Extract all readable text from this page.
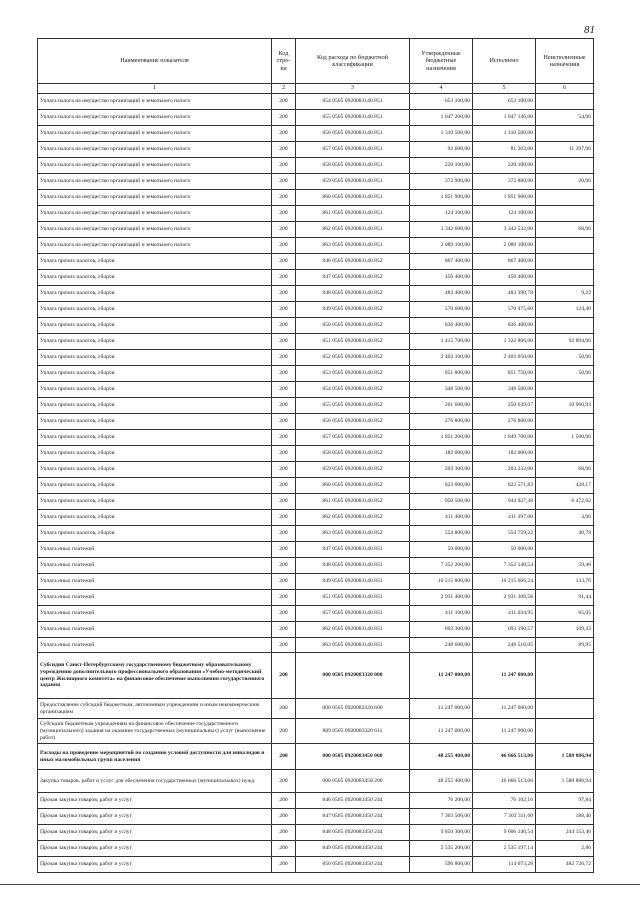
81
Наименование показателя	Код стро-ки	Код расхода по бюджетной классификации	Утвержденные бюджетные назначения	Исполнено	Неисполненные назначения
1	2	3	4	5	6
Уплата налога на имущество организаций и земельного налога	200	854 0505 0920083140 851	653 100,00	653 100,00	
Уплата налога на имущество организаций и земельного налога	200	855 0505 0920083140 851	1 047 200,00	1 047 146,00	54,00
Уплата налога на имущество организаций и земельного налога	200	856 0505 0920083140 851	1 310 500,00	1 310 500,00	
Уплата налога на имущество организаций и земельного налога	200	857 0505 0920083140 851	92 600,00	81 203,00	11 397,00
Уплата налога на имущество организаций и земельного налога	200	858 0505 0920083140 851	220 100,00	220 100,00	
Уплата налога на имущество организаций и земельного налога	200	859 0505 0920083140 851	372 900,00	372 880,00	20,00
Уплата налога на имущество организаций и земельного налога	200	860 0505 0920083140 851	1 851 900,00	1 851 900,00	
Уплата налога на имущество организаций и земельного налога	200	861 0505 0920083140 851	124 100,00	124 100,00	
Уплата налога на имущество организаций и земельного налога	200	862 0505 0920083140 851	3 342 600,00	3 342 532,00	68,00
Уплата налога на имущество организаций и земельного налога	200	863 0505 0920083140 851	2 089 100,00	2 089 100,00	
Уплата прочих налогов, сборов	200	846 0505 0920083140 852	867 400,00	867 400,00	
Уплата прочих налогов, сборов	200	847 0505 0920083140 852	456 400,00	456 400,00	
Уплата прочих налогов, сборов	200	848 0505 0920083140 852	483 400,00	483 390,78	9,22
Уплата прочих налогов, сборов	200	849 0505 0920083140 852	570 600,00	570 475,60	124,40
Уплата прочих налогов, сборов	200	850 0505 0920083140 852	836 400,00	836 400,00	
Уплата прочих налогов, сборов	200	851 0505 0920083140 852	1 415 700,00	1 322 806,00	92 894,00
Уплата прочих налогов, сборов	200	852 0505 0920083140 852	2 403 100,00	2 403 050,00	50,00
Уплата прочих налогов, сборов	200	853 0505 0920083140 852	851 800,00	851 750,00	50,00
Уплата прочих налогов, сборов	200	854 0505 0920083140 852	348 500,00	348 500,00	
Уплата прочих налогов, сборов	200	855 0505 0920083140 852	261 600,00	250 639,07	10 960,93
Уплата прочих налогов, сборов	200	856 0505 0920083140 852	276 800,00	276 800,00	
Уплата прочих налогов, сборов	200	857 0505 0920083140 852	1 851 200,00	1 849 700,00	1 500,00
Уплата прочих налогов, сборов	200	858 0505 0920083140 852	182 000,00	182 000,00	
Уплата прочих налогов, сборов	200	859 0505 0920083140 852	203 300,00	203 232,00	68,00
Уплата прочих налогов, сборов	200	860 0505 0920083140 852	823 000,00	822 571,83	428,17
Уплата прочих налогов, сборов	200	861 0505 0920083140 852	950 500,00	944 027,38	6 472,62
Уплата прочих налогов, сборов	200	862 0505 0920083140 852	411 400,00	411 397,00	3,00
Уплата прочих налогов, сборов	200	863 0505 0920083140 852	554 800,00	554 759,22	40,78
Уплата иных платежей	200	847 0505 0920083140 853	50 000,00	50 000,00	
Уплата иных платежей	200	848 0505 0920083140 853	7 352 200,00	7 352 140,54	59,46
Уплата иных платежей	200	849 0505 0920083140 853	10 215 800,00	10 215 666,24	133,76
Уплата иных платежей	200	851 0505 0920083140 853	2 931 400,00	2 931 308,56	91,44
Уплата иных платежей	200	857 0505 0920083140 853	411 100,00	411 034,95	65,05
Уплата иных платежей	200	862 0505 0920083140 853	693 300,00	693 190,57	109,43
Уплата иных платежей	200	863 0505 0920083140 853	248 600,00	248 510,05	89,95
Субсидии Санкт-Петербургскому государственному бюджетному образовательному учреждению дополнительного профессионального образования «Учебно-методический центр Жилищного комитета» на финансовое обеспечение выполнения государственного задания	200	000 0505 0920083320 000	11 247 000,00	11 247 000,00	
Предоставление субсидий бюджетным, автономным учреждениям и иным некоммерческим организациям	200	000 0505 0920083320 600	11 247 000,00	11 247 000,00	
Субсидии бюджетным учреждениям на финансовое обеспечение государственного (муниципального) задания на оказание государственных (муниципальных) услуг (выполнение работ)	200	809 0505 0920083320 611	11 247 000,00	11 247 000,00	
Расходы на проведение мероприятий по созданию условий доступности для инвалидов и иных маломобильных групп населения	200	000 0505 0920083450 000	48 255 400,00	46 666 513,06	1 588 886,94
Закупка товаров, работ и услуг для обеспечения государственных (муниципальных) нужд	200	000 0505 0920083450 200	48 255 400,00	46 666 513,06	1 588 886,94
Прочая закупка товаров, работ и услуг	200	846 0505 0920083450 244	76 200,00	76 102,16	97,84
Прочая закупка товаров, работ и услуг	200	847 0505 0920083450 244	7 303 500,00	7 303 311,60	188,40
Прочая закупка товаров, работ и услуг	200	848 0505 0920083450 244	9 850 300,00	9 606 146,54	244 153,46
Прочая закупка товаров, работ и услуг	200	849 0505 0920083450 244	2 535 200,00	2 535 197,14	2,86
Прочая закупка товаров, работ и услуг	200	850 0505 0920083450 244	596 800,00	114 073,28	482 726,72
